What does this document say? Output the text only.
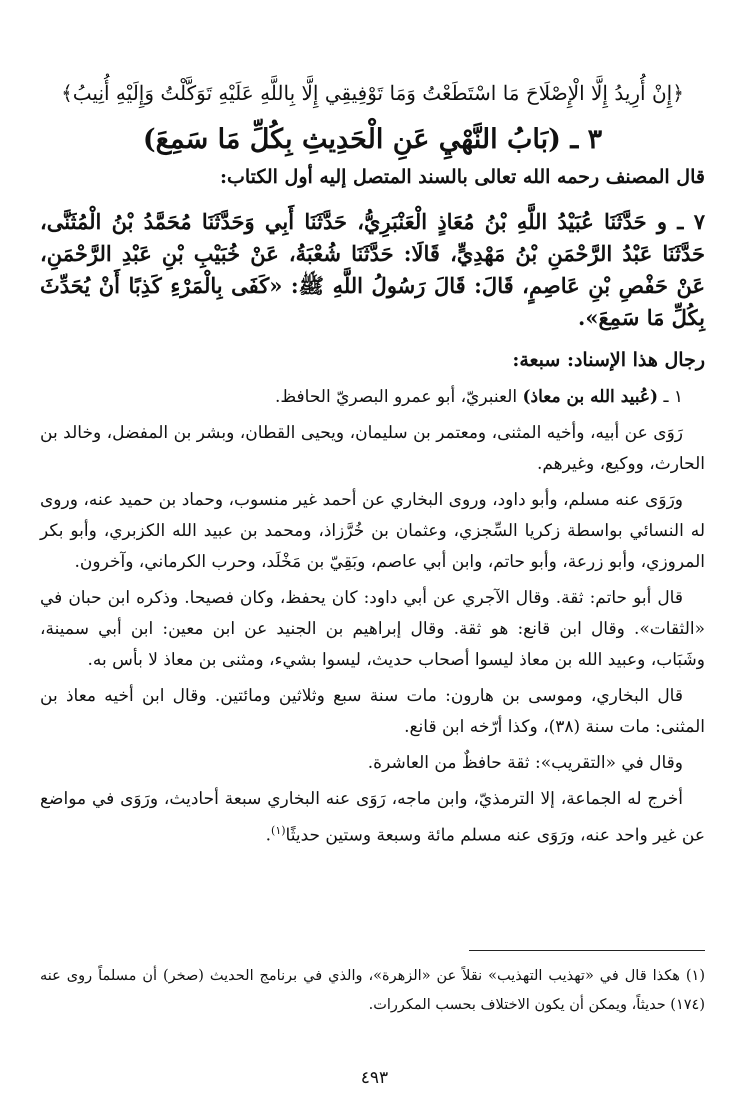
﴿إِنْ أُرِيدُ إِلَّا الْإِصْلَاحَ مَا اسْتَطَعْتُ وَمَا تَوْفِيقِي إِلَّا بِاللَّهِ عَلَيْهِ تَوَكَّلْتُ وَإِلَيْهِ أُنِيبُ﴾
٣ ـ (بَابُ النَّهْيِ عَنِ الْحَدِيثِ بِكُلِّ مَا سَمِعَ)
قال المصنف رحمه الله تعالى بالسند المتصل إليه أول الكتاب:
٧ ـ و حَدَّثَنَا عُبَيْدُ اللَّهِ بْنُ مُعَاذٍ الْعَنْبَرِيُّ، حَدَّثَنَا أَبِي وَحَدَّثَنَا مُحَمَّدُ بْنُ الْمُثَنَّى، حَدَّثَنَا عَبْدُ الرَّحْمَنِ بْنُ مَهْدِيٍّ، قَالَا: حَدَّثَنَا شُعْبَةُ، عَنْ خُبَيْبِ بْنِ عَبْدِ الرَّحْمَنِ، عَنْ حَفْصِ بْنِ عَاصِمٍ، قَالَ: قَالَ رَسُولُ اللَّهِ ﷺ: «كَفَى بِالْمَرْءِ كَذِبًا أَنْ يُحَدِّثَ بِكُلِّ مَا سَمِعَ».
رجال هذا الإسناد: سبعة:
١ ـ (عُبيد الله بن معاذ) العنبريّ، أبو عمرو البصريّ الحافظ.
رَوَى عن أبيه، وأخيه المثنى، ومعتمر بن سليمان، ويحيى القطان، وبشر بن المفضل، وخالد بن الحارث، ووكيع، وغيرهم.
ورَوَى عنه مسلم، وأبو داود، وروى البخاري عن أحمد غير منسوب، وحماد بن حميد عنه، وروى له النسائي بواسطة زكريا السِّجزي، وعثمان بن خُرَّزاذ، ومحمد بن عبيد الله الكزبري، وأبو بكر المروزي، وأبو زرعة، وأبو حاتم، وابن أبي عاصم، وبَقِيّ بن مَخْلَد، وحرب الكرماني، وآخرون.
قال أبو حاتم: ثقة. وقال الآجري عن أبي داود: كان يحفظ، وكان فصيحا. وذكره ابن حبان في «الثقات». وقال ابن قانع: هو ثقة. وقال إبراهيم بن الجنيد عن ابن معين: ابن أبي سمينة، وشَبَاب، وعبيد الله بن معاذ ليسوا أصحاب حديث، ليسوا بشيء، ومثنى بن معاذ لا بأس به.
قال البخاري، وموسى بن هارون: مات سنة سبع وثلاثين ومائتين. وقال ابن أخيه معاذ بن المثنى: مات سنة (٣٨)، وكذا أرّخه ابن قانع.
وقال في «التقريب»: ثقة حافظٌ من العاشرة.
أخرج له الجماعة، إلا الترمذيّ، وابن ماجه، رَوَى عنه البخاري سبعة أحاديث، ورَوَى في مواضع عن غير واحد عنه، ورَوَى عنه مسلم مائة وسبعة وستين حديثًا$^{(١)}$.
(١) هكذا قال في «تهذيب التهذيب» نقلاً عن «الزهرة»، والذي في برنامج الحديث (صخر) أن مسلماً روى عنه (١٧٤) حديثاً، ويمكن أن يكون الاختلاف بحسب المكررات.
٤٩٣
